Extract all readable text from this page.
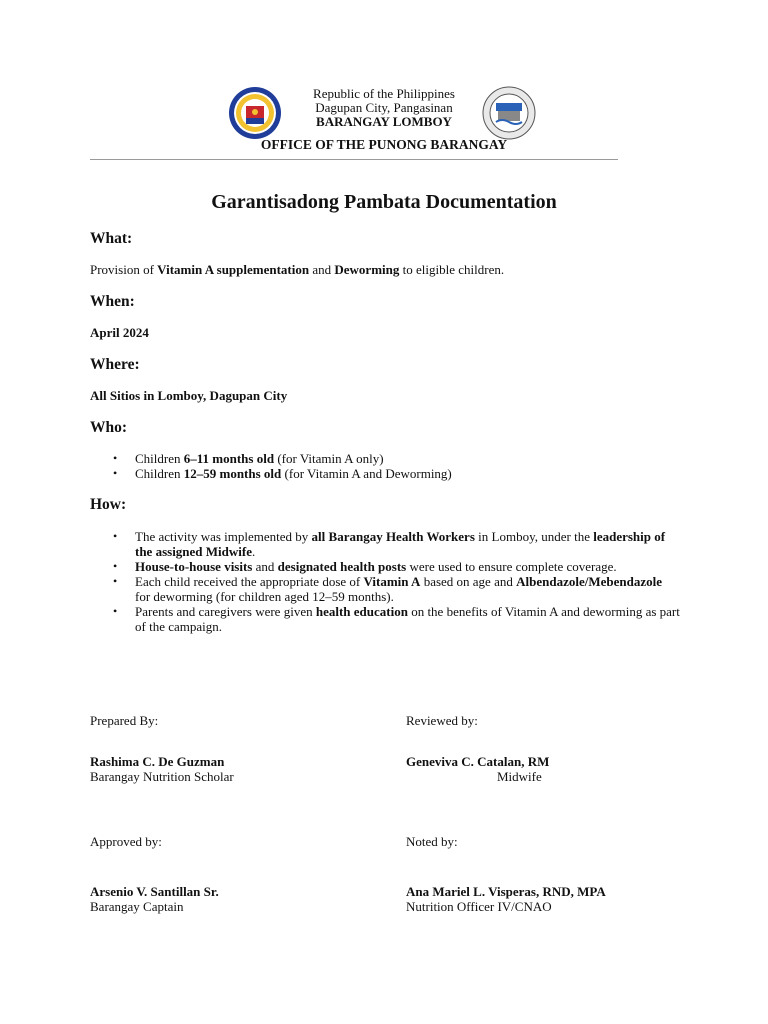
Republic of the Philippines
Dagupan City, Pangasinan
BARANGAY LOMBOY
OFFICE OF THE PUNONG BARANGAY
Garantisadong Pambata Documentation
What:
Provision of Vitamin A supplementation and Deworming to eligible children.
When:
April 2024
Where:
All Sitios in Lomboy, Dagupan City
Who:
• Children 6–11 months old (for Vitamin A only)
• Children 12–59 months old (for Vitamin A and Deworming)
How:
• The activity was implemented by all Barangay Health Workers in Lomboy, under the leadership of the assigned Midwife.
• House-to-house visits and designated health posts were used to ensure complete coverage.
• Each child received the appropriate dose of Vitamin A based on age and Albendazole/Mebendazole for deworming (for children aged 12–59 months).
• Parents and caregivers were given health education on the benefits of Vitamin A and deworming as part of the campaign.
Prepared By:	Reviewed by:
Rashima C. De Guzman
Barangay Nutrition Scholar
Geneviva C. Catalan, RM
Midwife
Approved by:	Noted by:
Arsenio V. Santillan Sr.
Barangay Captain
Ana Mariel L. Visperas, RND, MPA
Nutrition Officer IV/CNAO
